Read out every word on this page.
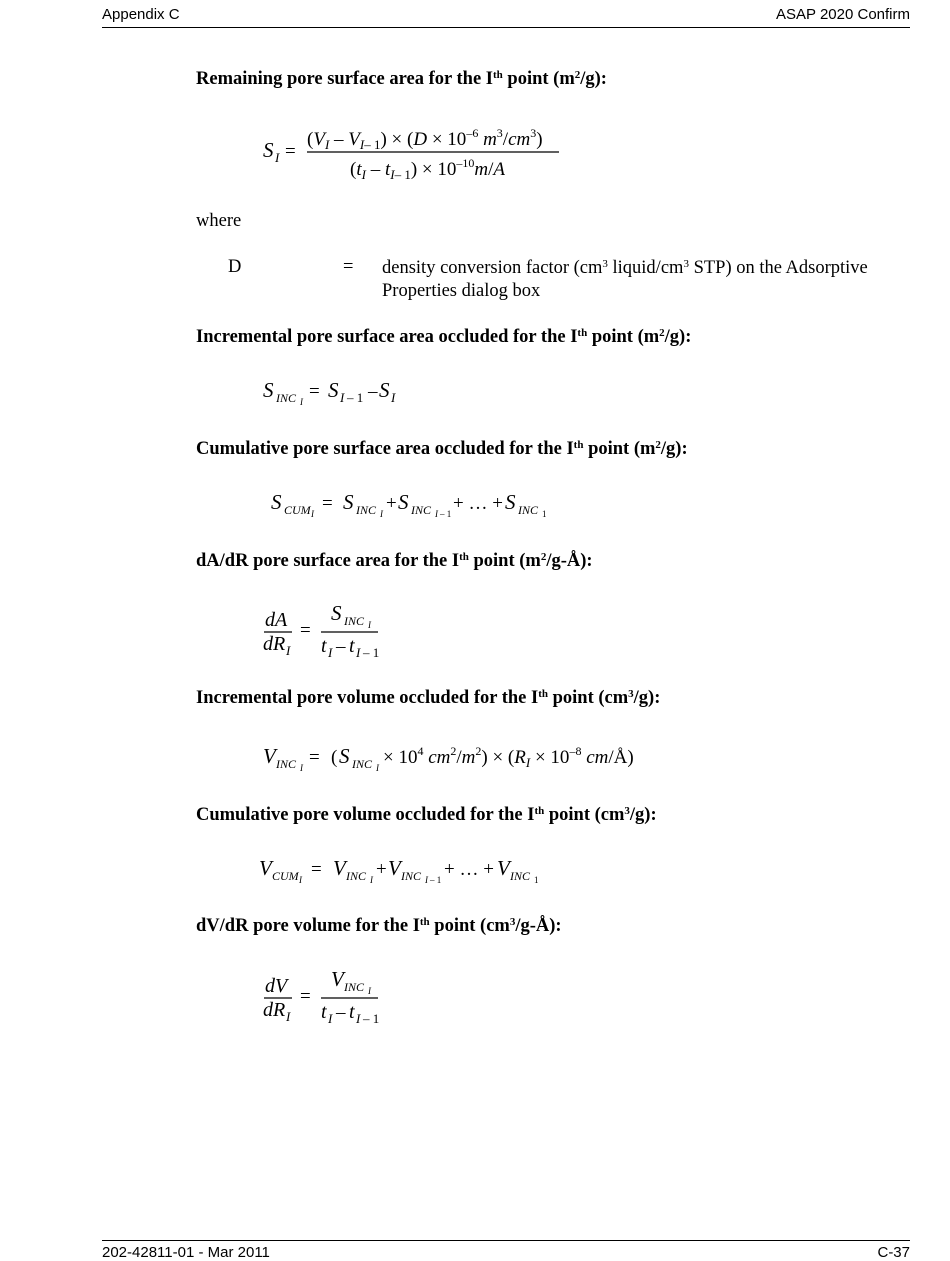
Appendix C	ASAP 2020 Confirm
Remaining pore surface area for the Ith point $(m^2/g)$:
S I =
($V_I - V_I-$ $1) \times (D \times 10^{-6}$ $m^3/cm^3$)
($t_I - t_I-$ $1) \times 10^{-10}m/A$
where
D	= density conversion factor ($cm^3$ liquid/$cm^3$ STP) on the Adsorptive
Properties dialog box
Incremental pore surface area occluded for the Ith point $(m^2/g)$:
S INC I = S I – 1 – S I
Cumulative pore surface area occluded for the Ith point $(m^2/g)$:
S CUM I = S INC I + S INC I – 1 + … + S INC 1
dA/dR pore surface area for the Ith point $(m^2/g-Å)$:
dA
dR I
=
S INC I
t I – t I – 1
Incremental pore volume occluded for the Ith point $(cm^3/g)$:
V INC I = ( S INC $I \times 10^4$ $cm^2/m^2) \times (R_I \times 10^{-8}$ cm/Å)
Cumulative pore volume occluded for the Ith point $(cm^3/g)$:
V CUM I = V INC I + V INC I – 1 + … + V INC 1
dV/dR pore volume for the Ith point $(cm^3/g-Å)$:
dV
dR I
=
V INC I
t I – t I – 1
202-42811-01 - Mar 2011	C-37
